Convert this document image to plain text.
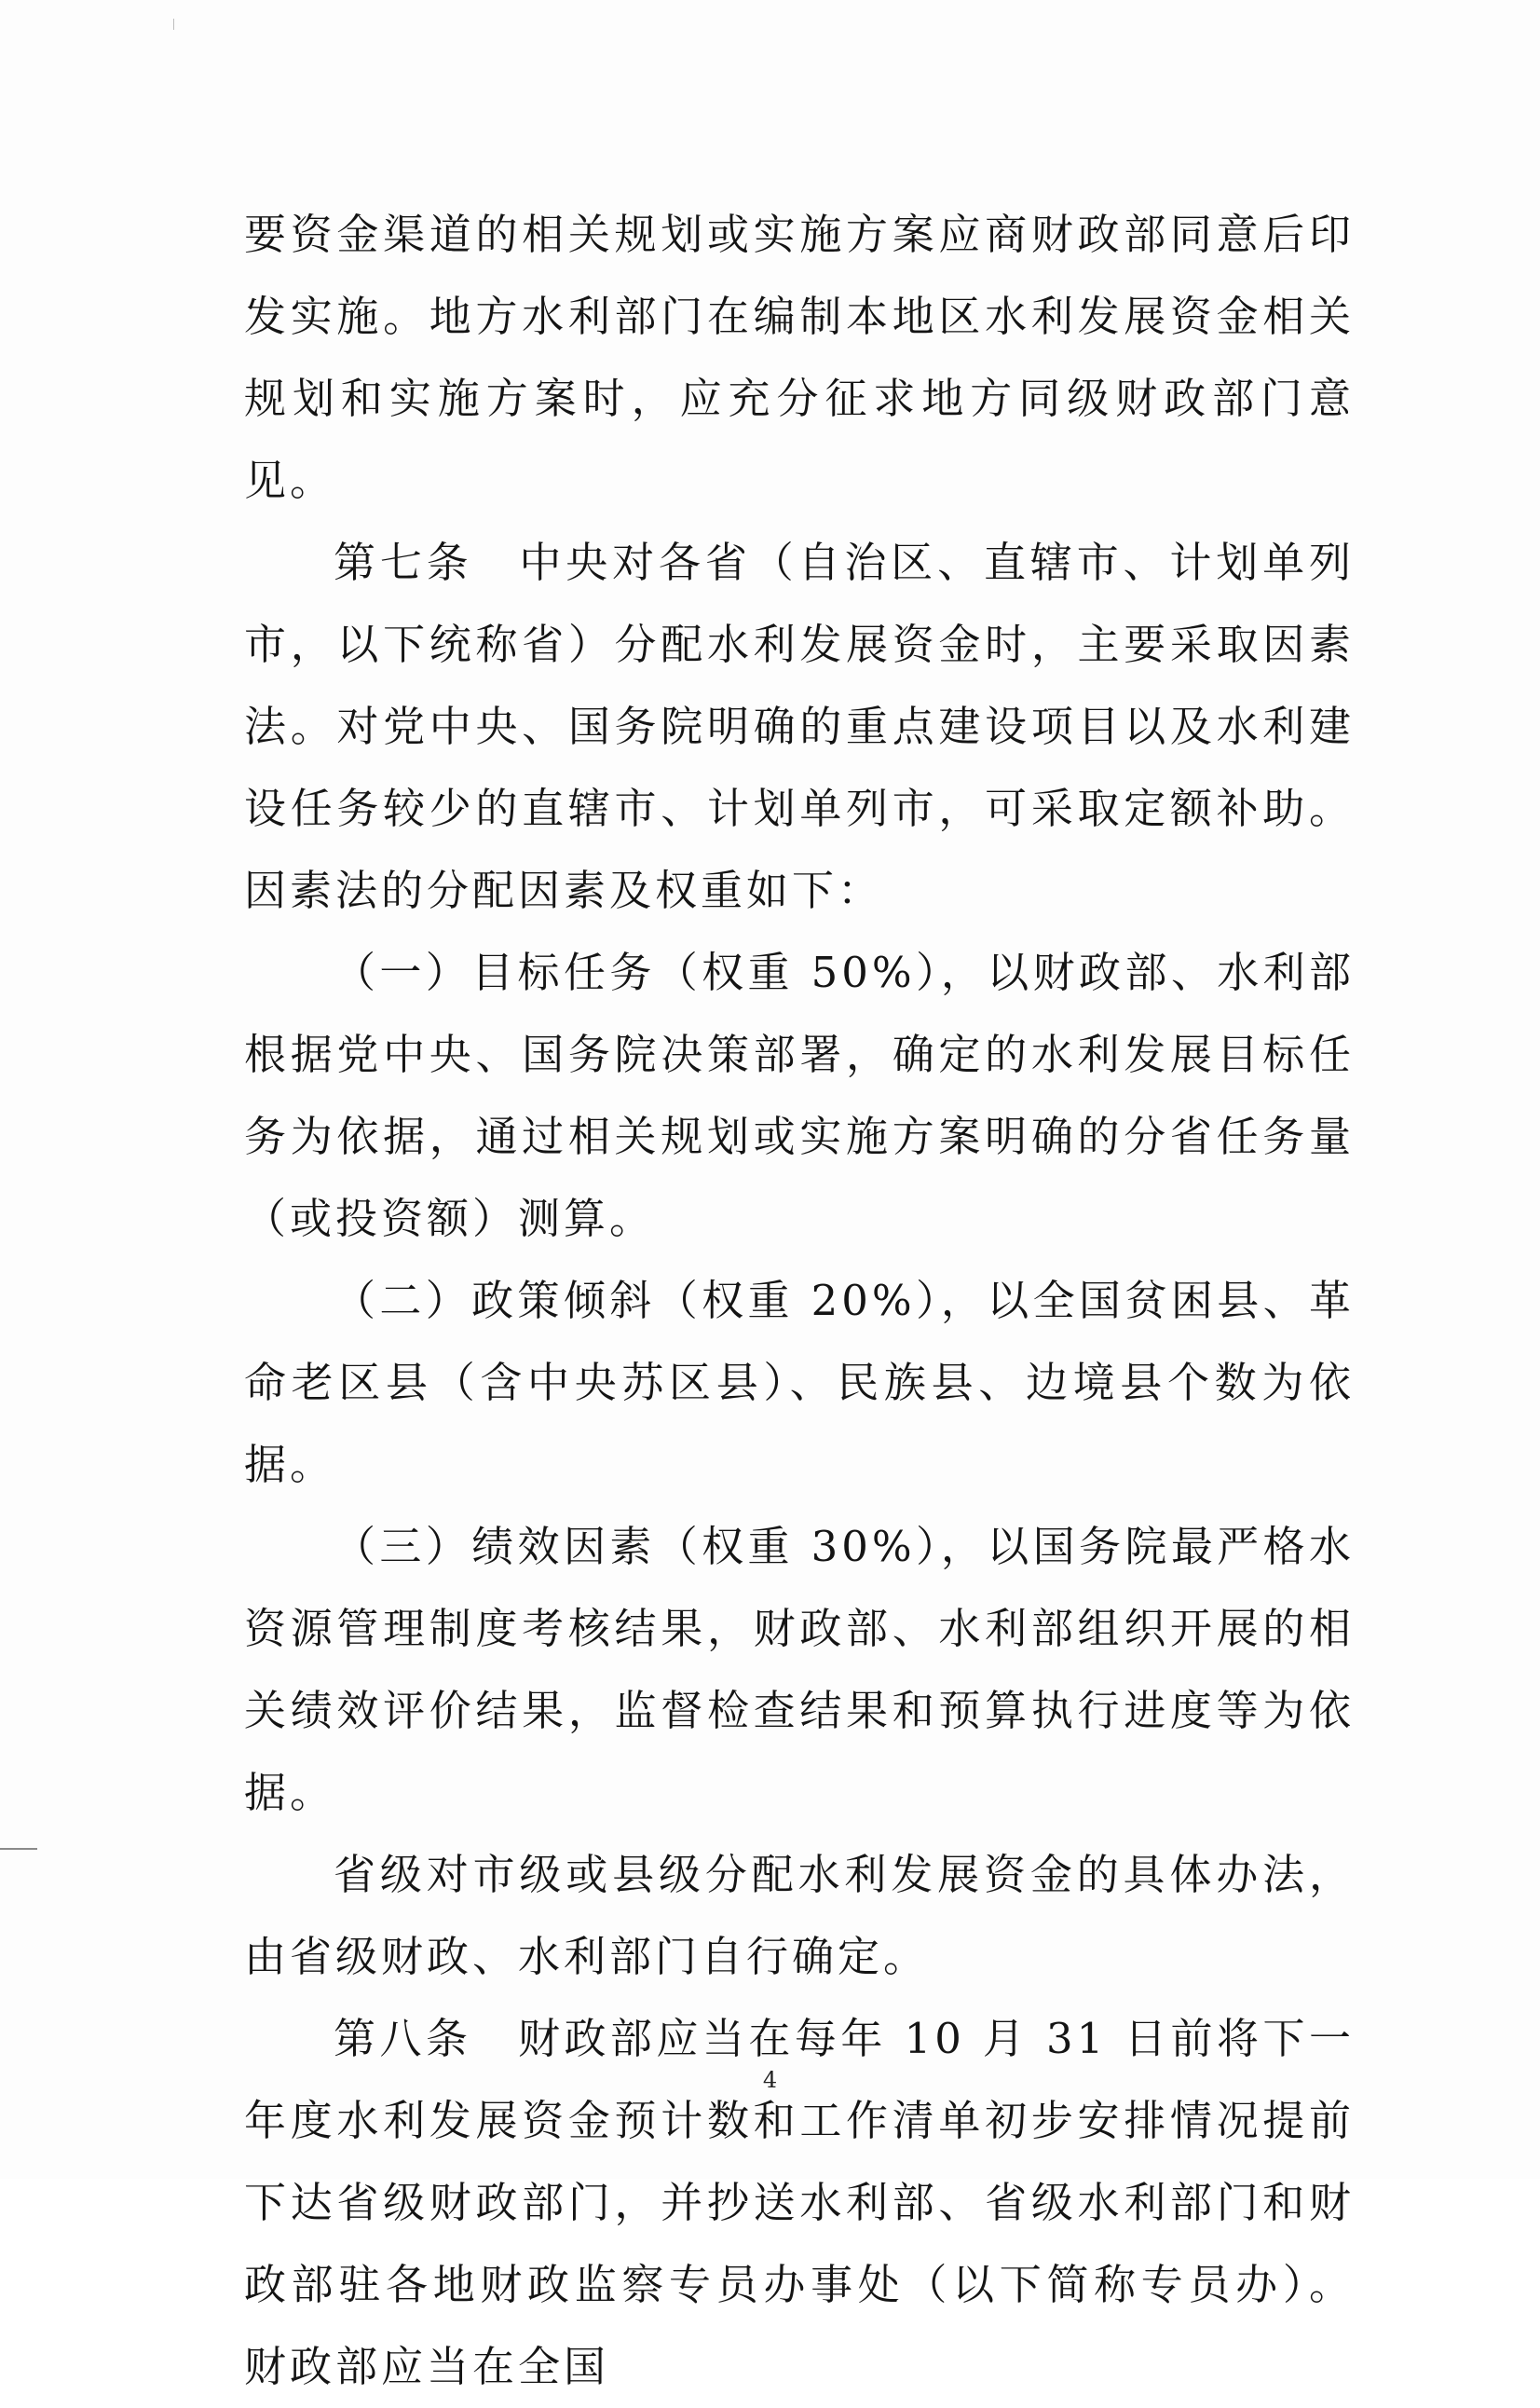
要资金渠道的相关规划或实施方案应商财政部同意后印发实施。地方水利部门在编制本地区水利发展资金相关规划和实施方案时，应充分征求地方同级财政部门意见。

第七条　中央对各省（自治区、直辖市、计划单列市，以下统称省）分配水利发展资金时，主要采取因素法。对党中央、国务院明确的重点建设项目以及水利建设任务较少的直辖市、计划单列市，可采取定额补助。因素法的分配因素及权重如下：

（一）目标任务（权重 50%），以财政部、水利部根据党中央、国务院决策部署，确定的水利发展目标任务为依据，通过相关规划或实施方案明确的分省任务量（或投资额）测算。

（二）政策倾斜（权重 20%），以全国贫困县、革命老区县（含中央苏区县）、民族县、边境县个数为依据。

（三）绩效因素（权重 30%），以国务院最严格水资源管理制度考核结果，财政部、水利部组织开展的相关绩效评价结果，监督检查结果和预算执行进度等为依据。

省级对市级或县级分配水利发展资金的具体办法，由省级财政、水利部门自行确定。

第八条　财政部应当在每年 10 月 31 日前将下一年度水利发展资金预计数和工作清单初步安排情况提前下达省级财政部门，并抄送水利部、省级水利部门和财政部驻各地财政监察专员办事处（以下简称专员办）。财政部应当在全国

4
